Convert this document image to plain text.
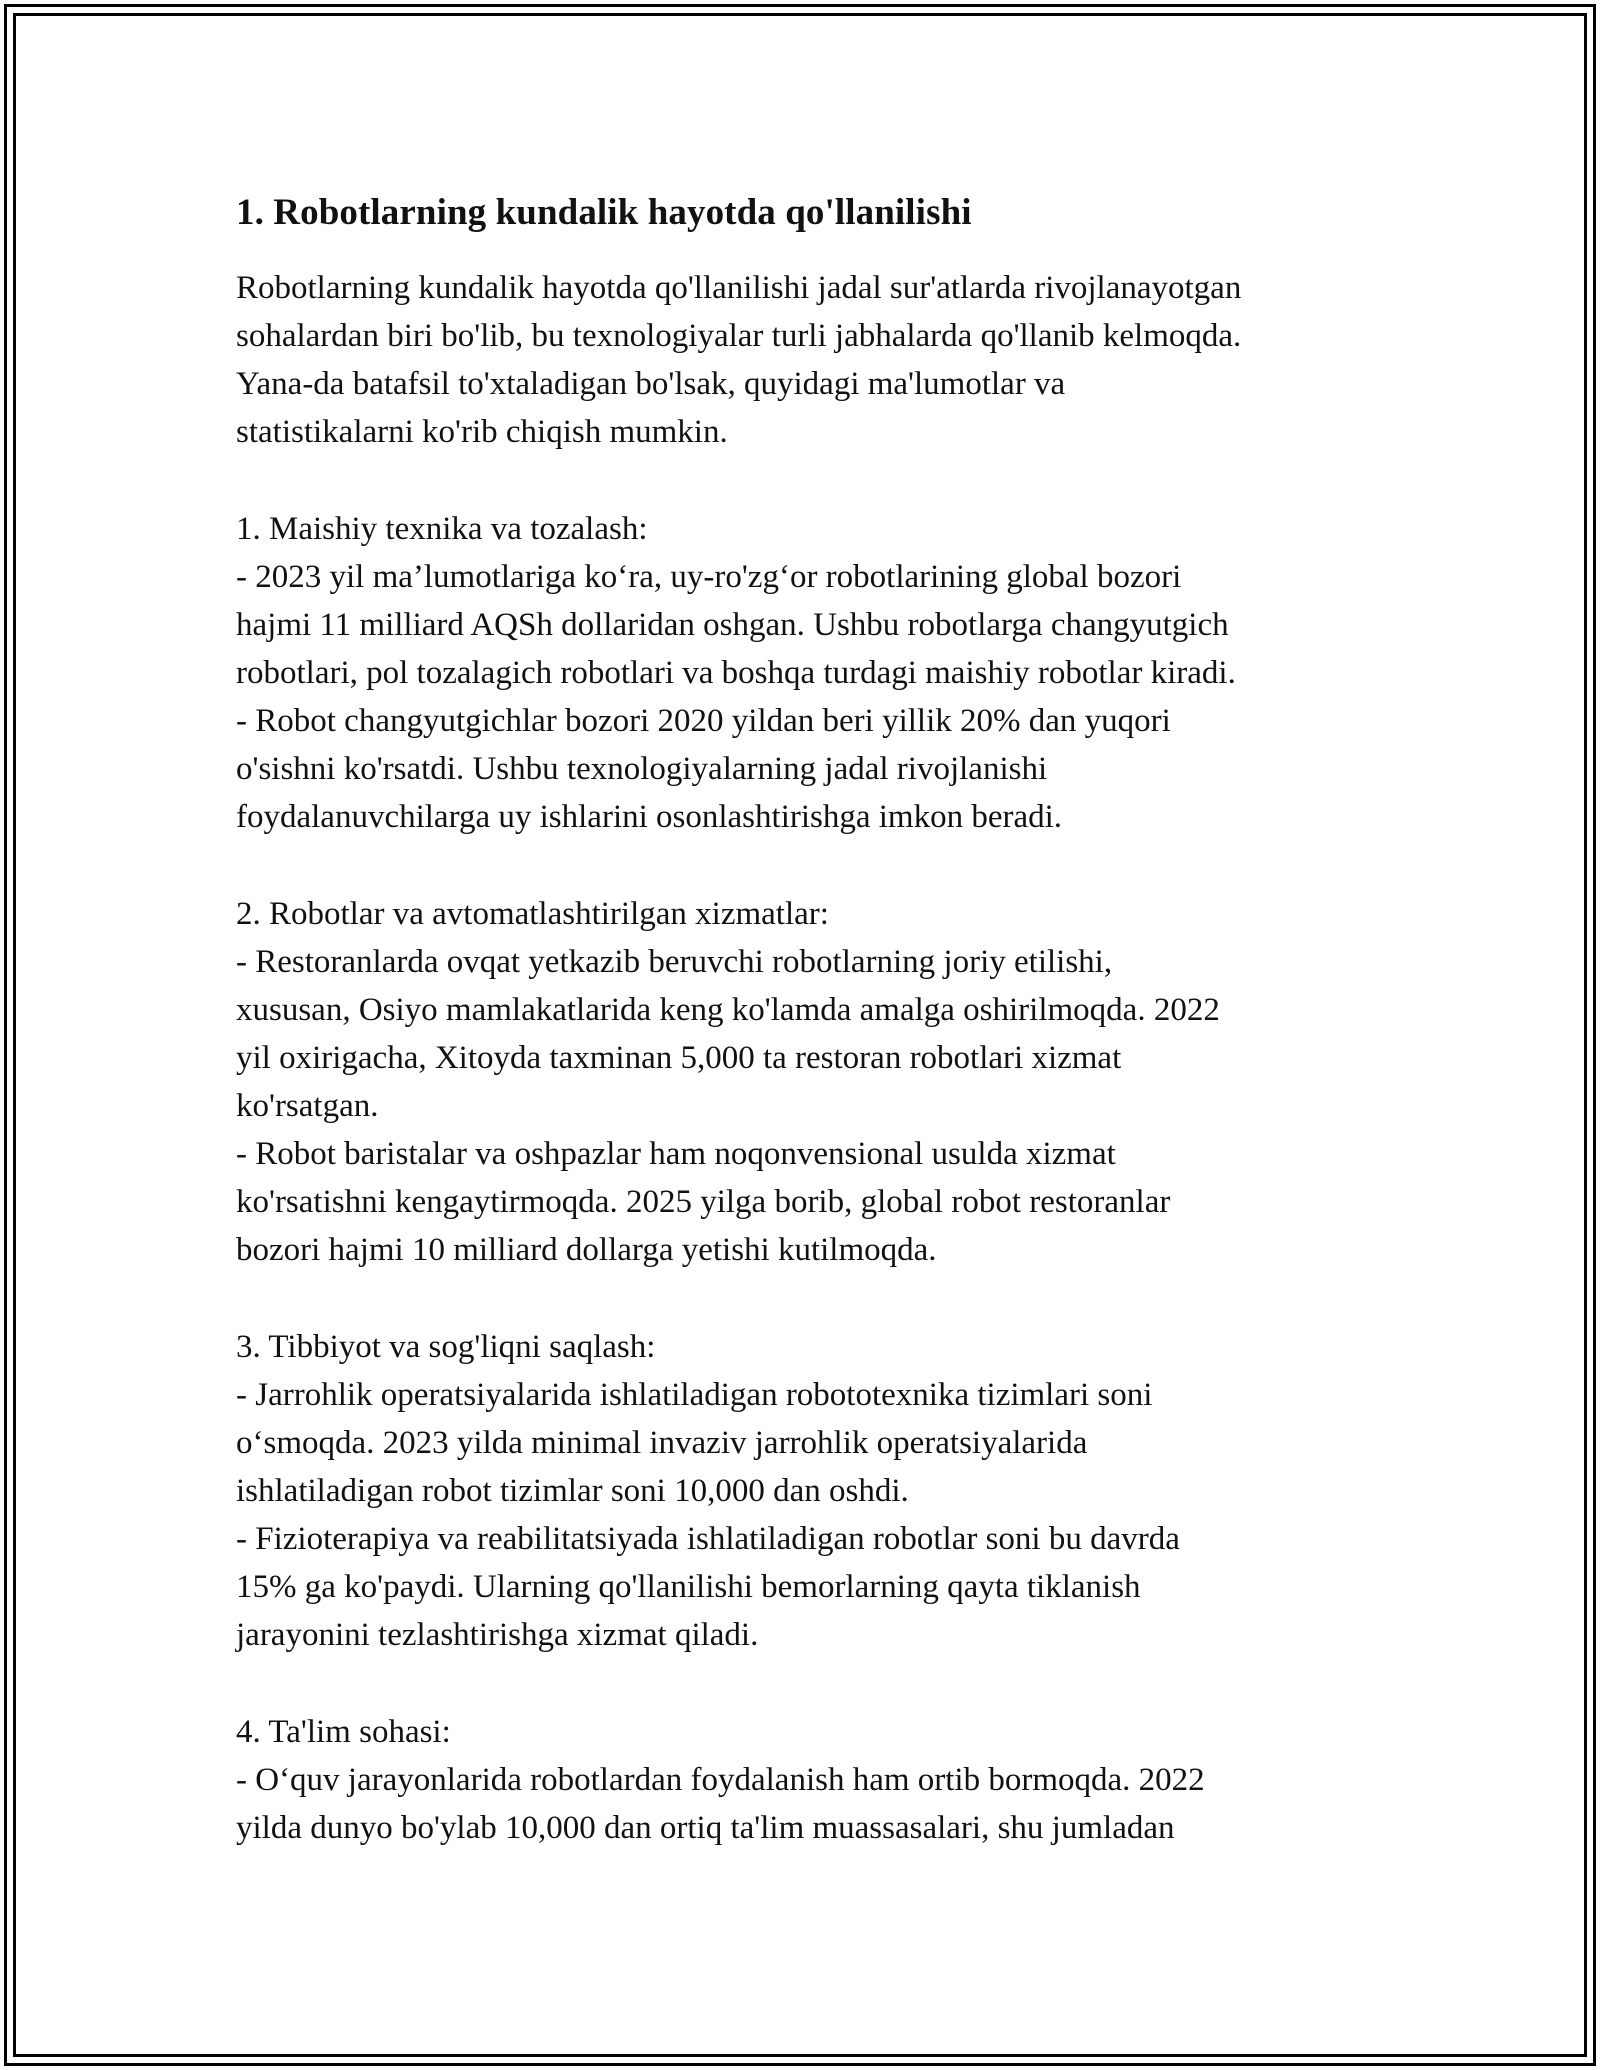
1. Robotlarning kundalik hayotda qo'llanilishi

Robotlarning kundalik hayotda qo'llanilishi jadal sur'atlarda rivojlanayotgan
sohalardan biri bo'lib, bu texnologiyalar turli jabhalarda qo'llanib kelmoqda.
Yana-da batafsil to'xtaladigan bo'lsak, quyidagi ma'lumotlar va
statistikalarni ko'rib chiqish mumkin.

1. Maishiy texnika va tozalash:

- 2023 yil ma’lumotlariga ko‘ra, uy-ro'zg‘or robotlarining global bozori
hajmi 11 milliard AQSh dollaridan oshgan. Ushbu robotlarga changyutgich
robotlari, pol tozalagich robotlari va boshqa turdagi maishiy robotlar kiradi.

- Robot changyutgichlar bozori 2020 yildan beri yillik 20% dan yuqori
o'sishni ko'rsatdi. Ushbu texnologiyalarning jadal rivojlanishi
foydalanuvchilarga uy ishlarini osonlashtirishga imkon beradi.

2. Robotlar va avtomatlashtirilgan xizmatlar:

- Restoranlarda ovqat yetkazib beruvchi robotlarning joriy etilishi,
xususan, Osiyo mamlakatlarida keng ko'lamda amalga oshirilmoqda. 2022
yil oxirigacha, Xitoyda taxminan 5,000 ta restoran robotlari xizmat
ko'rsatgan.

- Robot baristalar va oshpazlar ham noqonvensional usulda xizmat
ko'rsatishni kengaytirmoqda. 2025 yilga borib, global robot restoranlar
bozori hajmi 10 milliard dollarga yetishi kutilmoqda.

3. Tibbiyot va sog'liqni saqlash:

- Jarrohlik operatsiyalarida ishlatiladigan robototexnika tizimlari soni
o‘smoqda. 2023 yilda minimal invaziv jarrohlik operatsiyalarida
ishlatiladigan robot tizimlar soni 10,000 dan oshdi.

- Fizioterapiya va reabilitatsiyada ishlatiladigan robotlar soni bu davrda
15% ga ko'paydi. Ularning qo'llanilishi bemorlarning qayta tiklanish
jarayonini tezlashtirishga xizmat qiladi.

4. Ta'lim sohasi:

- O‘quv jarayonlarida robotlardan foydalanish ham ortib bormoqda. 2022
yilda dunyo bo'ylab 10,000 dan ortiq ta'lim muassasalari, shu jumladan
